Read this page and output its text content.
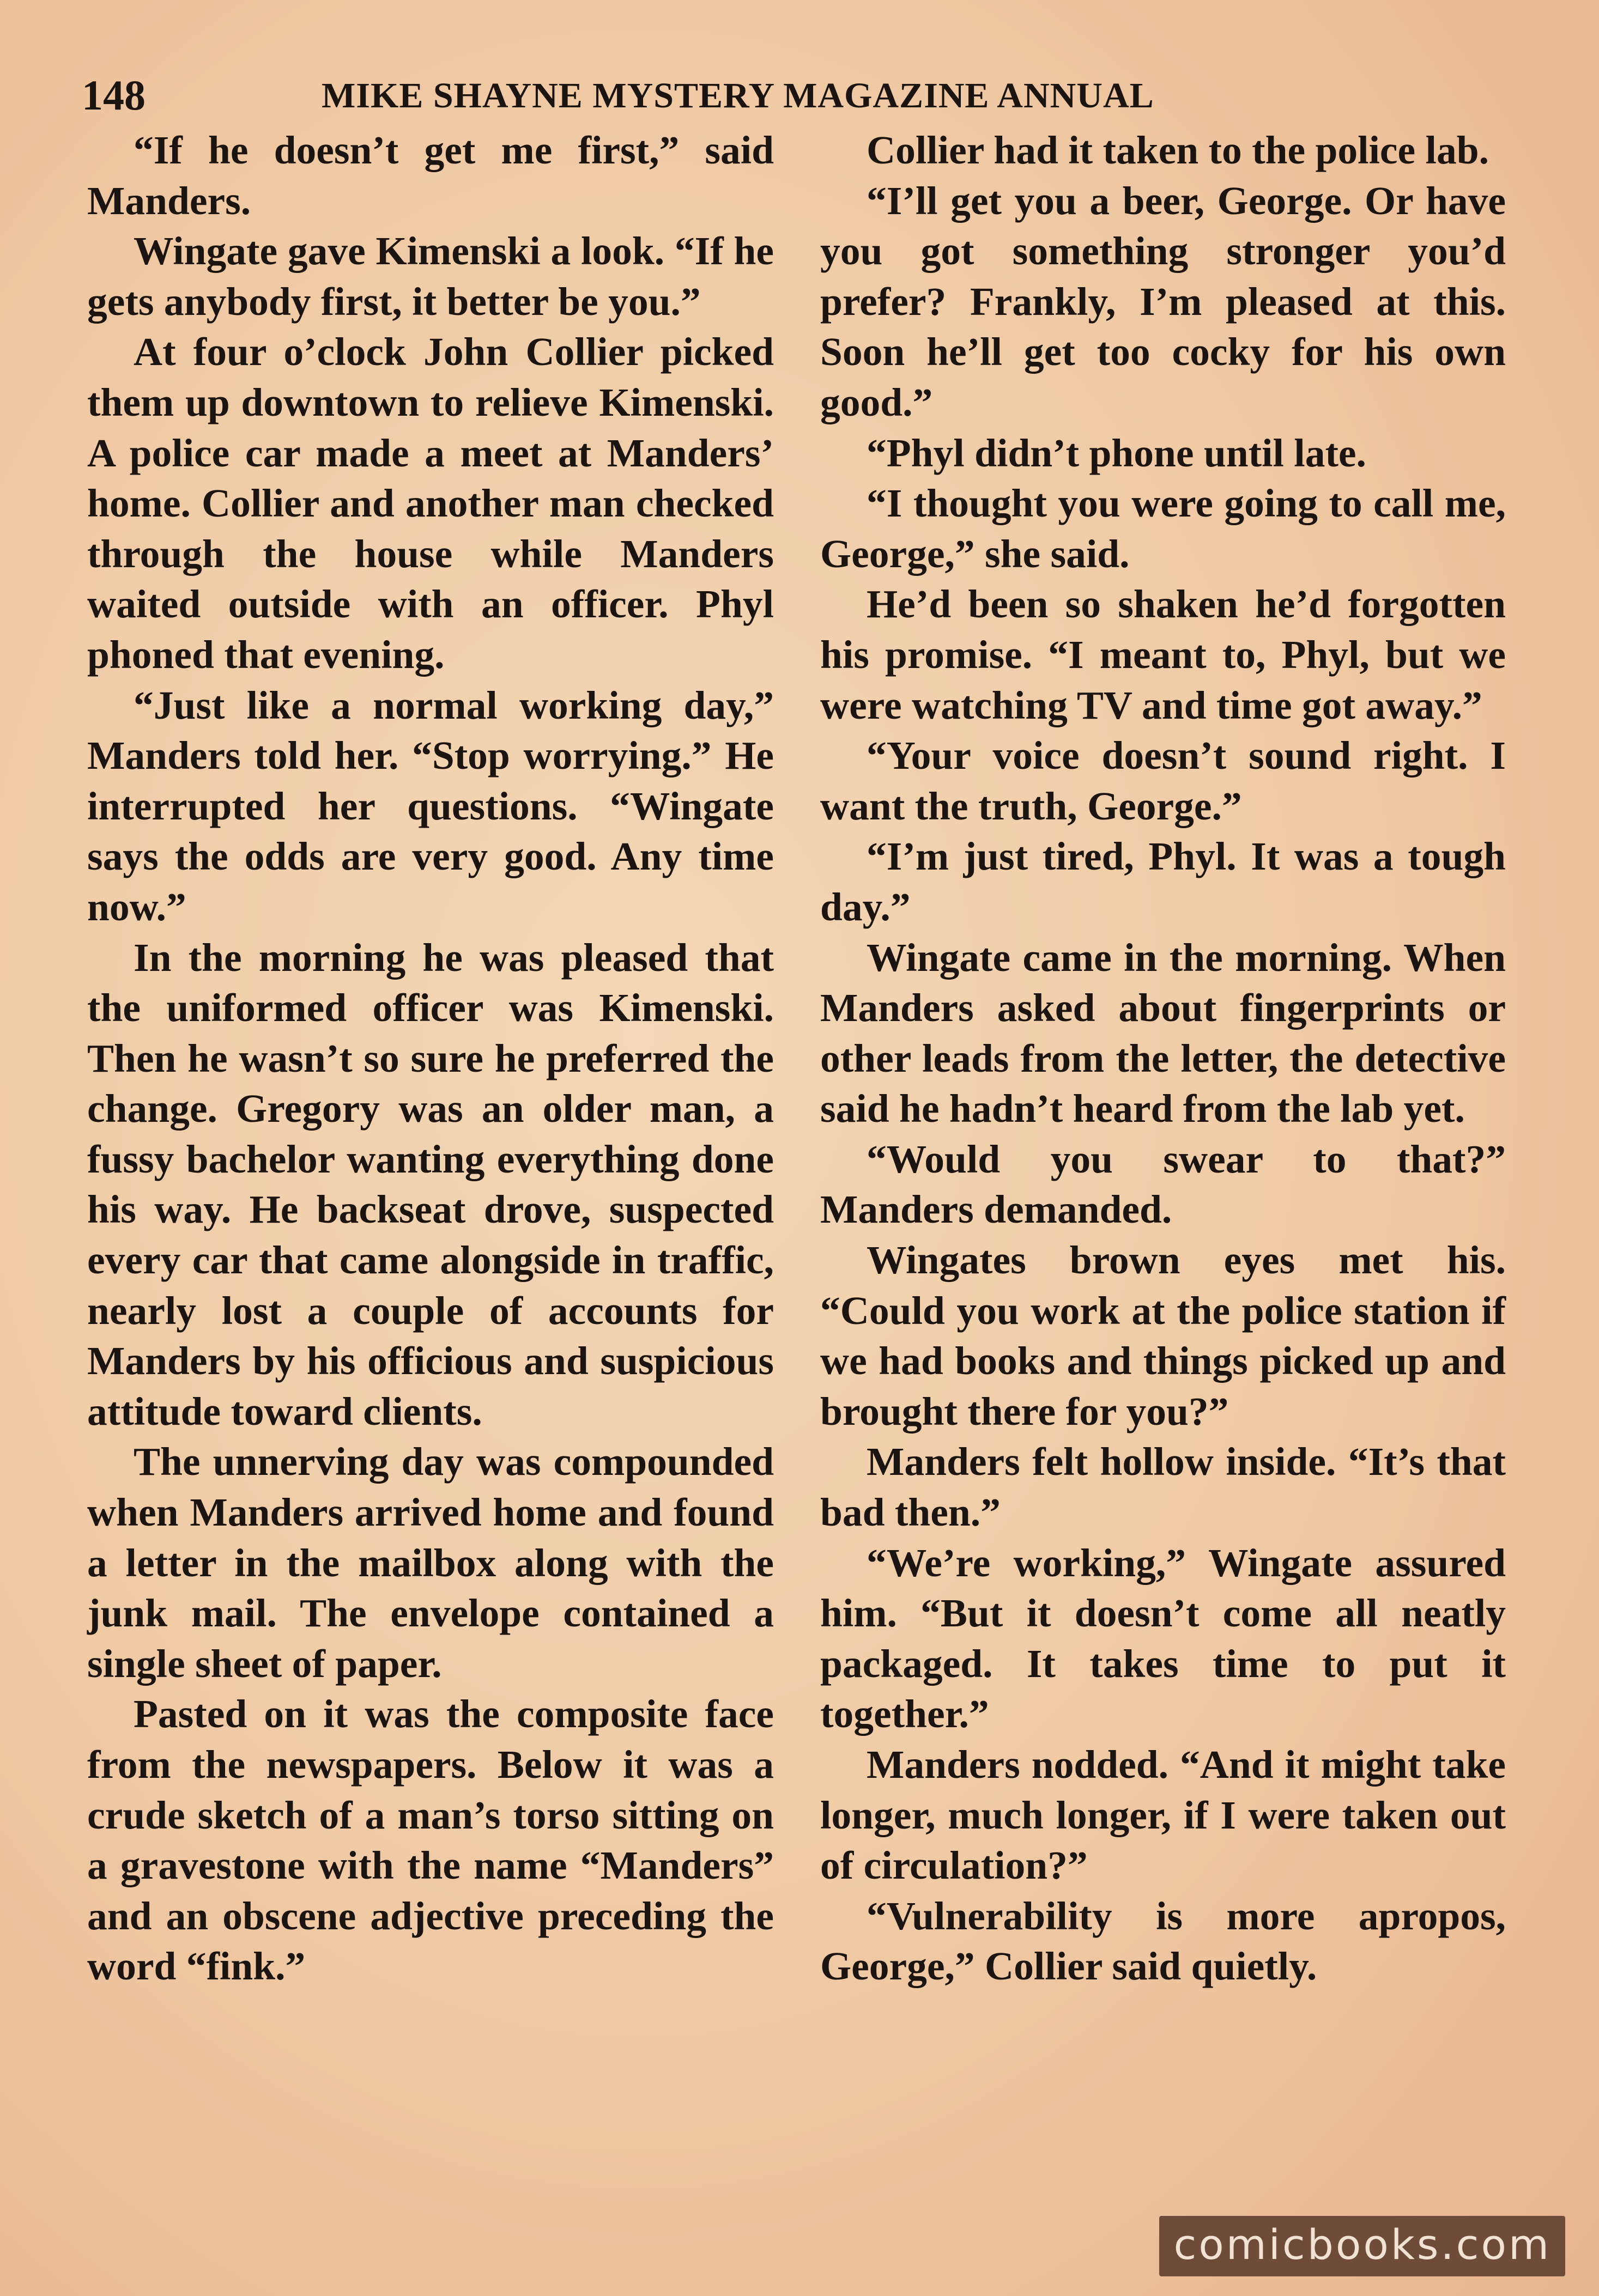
148	MIKE SHAYNE MYSTERY MAGAZINE ANNUAL

“If he doesn’t get me first,” said Manders.

Wingate gave Kimenski a look. “If he gets anybody first, it better be you.”

At four o’clock John Collier picked them up downtown to relieve Kimenski. A police car made a meet at Manders’ home. Collier and another man checked through the house while Manders waited outside with an officer. Phyl phoned that evening.

“Just like a normal working day,” Manders told her. “Stop worrying.” He interrupted her questions. “Wingate says the odds are very good. Any time now.”

In the morning he was pleased that the uniformed officer was Kimenski. Then he wasn’t so sure he preferred the change. Gregory was an older man, a fussy bachelor wanting everything done his way. He backseat drove, suspected every car that came alongside in traffic, nearly lost a couple of accounts for Manders by his officious and suspicious attitude toward clients.

The unnerving day was compounded when Manders arrived home and found a letter in the mailbox along with the junk mail. The envelope contained a single sheet of paper.

Pasted on it was the composite face from the newspapers. Below it was a crude sketch of a man’s torso sitting on a gravestone with the name “Manders” and an obscene adjective preceding the word “fink.”

Collier had it taken to the police lab.

“I’ll get you a beer, George. Or have you got something stronger you’d prefer? Frankly, I’m pleased at this. Soon he’ll get too cocky for his own good.”

“Phyl didn’t phone until late.

“I thought you were going to call me, George,” she said.

He’d been so shaken he’d forgotten his promise. “I meant to, Phyl, but we were watching TV and time got away.”

“Your voice doesn’t sound right. I want the truth, George.”

“I’m just tired, Phyl. It was a tough day.”

Wingate came in the morning. When Manders asked about fingerprints or other leads from the letter, the detective said he hadn’t heard from the lab yet.

“Would you swear to that?” Manders demanded.

Wingates brown eyes met his. “Could you work at the police station if we had books and things picked up and brought there for you?”

Manders felt hollow inside. “It’s that bad then.”

“We’re working,” Wingate assured him. “But it doesn’t come all neatly packaged. It takes time to put it together.”

Manders nodded. “And it might take longer, much longer, if I were taken out of circulation?”

“Vulnerability is more apropos, George,” Collier said quietly.

comicbooks.com
